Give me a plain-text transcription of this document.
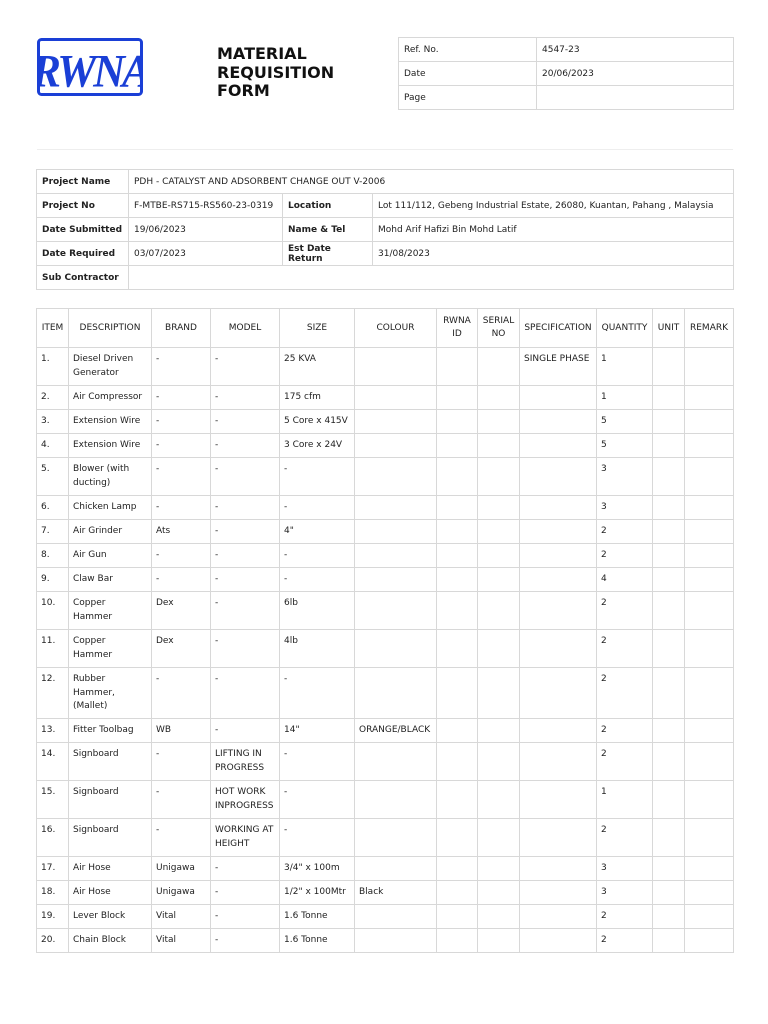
RWNA	MATERIAL
REQUISITION
FORM
Ref. No.	4547-23
Date	20/06/2023
Page	
Project Name	PDH - CATALYST AND ADSORBENT CHANGE OUT V-2006		
Project No	F-MTBE-RS715-RS560-23-0319	Location	Lot 111/112, Gebeng Industrial Estate, 26080, Kuantan, Pahang , Malaysia
Date Submitted	19/06/2023	Name & Tel	Mohd Arif Hafizi Bin Mohd Latif
Date Required	03/07/2023	Est Date Return	31/08/2023
Sub Contractor			
ITEM	DESCRIPTION	BRAND	MODEL	SIZE	COLOUR	RWNA ID	SERIAL NO	SPECIFICATION	QUANTITY	UNIT	REMARK
1.	Diesel Driven Generator	-	-	25 KVA				SINGLE PHASE	1		
2.	Air Compressor	-	-	175 cfm					1		
3.	Extension Wire	-	-	5 Core x 415V					5		
4.	Extension Wire	-	-	3 Core x 24V					5		
5.	Blower (with ducting)	-	-	-					3		
6.	Chicken Lamp	-	-	-					3		
7.	Air Grinder	Ats	-	4"					2		
8.	Air Gun	-	-	-					2		
9.	Claw Bar	-	-	-					4		
10.	Copper Hammer	Dex	-	6lb					2		
11.	Copper Hammer	Dex	-	4lb					2		
12.	Rubber Hammer, (Mallet)	-	-	-					2		
13.	Fitter Toolbag	WB	-	14"	ORANGE/BLACK				2		
14.	Signboard	-	LIFTING IN PROGRESS	-					2		
15.	Signboard	-	HOT WORK INPROGRESS	-					1		
16.	Signboard	-	WORKING AT HEIGHT	-					2		
17.	Air Hose	Unigawa	-	3/4" x 100m					3		
18.	Air Hose	Unigawa	-	1/2" x 100Mtr	Black				3		
19.	Lever Block	Vital	-	1.6 Tonne					2		
20.	Chain Block	Vital	-	1.6 Tonne					2		
